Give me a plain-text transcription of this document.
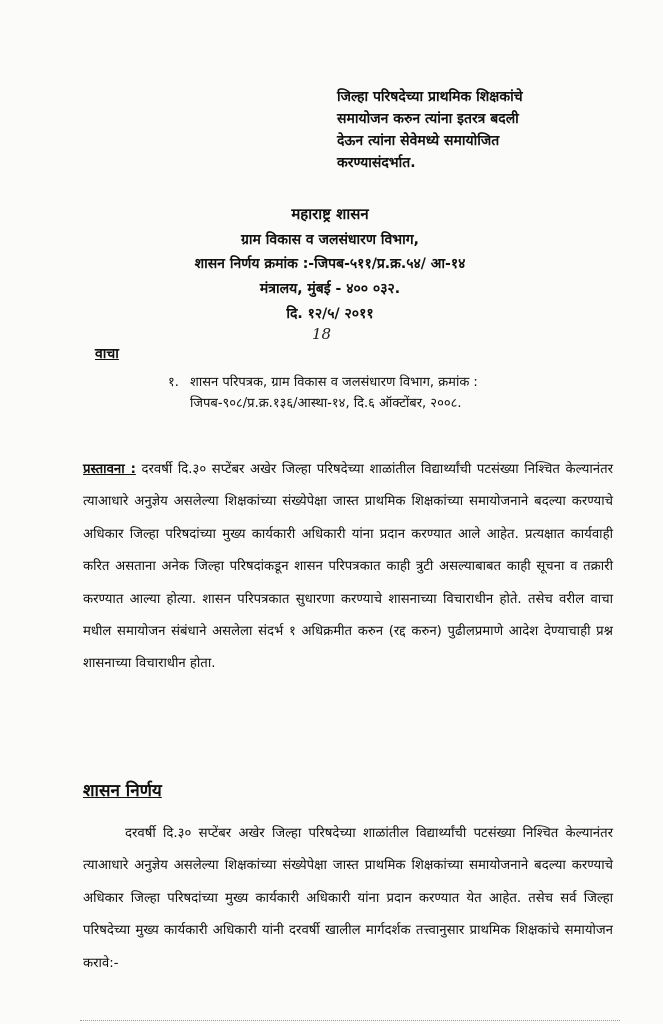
जिल्हा परिषदेच्या प्राथमिक शिक्षकांचे
समायोजन करुन त्यांना इतरत्र बदली
देऊन त्यांना सेवेमध्ये समायोजित
करण्यासंदर्भात.
महाराष्ट्र शासन
ग्राम विकास व जलसंधारण विभाग,
शासन निर्णय क्रमांक :-जिपब-५११/प्र.क्र.५४/ आ-१४
मंत्रालय, मुंबई - ४०० ०३२.
दि. १२/५/ २०११
18
वाचा
१. शासन परिपत्रक, ग्राम विकास व जलसंधारण विभाग, क्रमांक : जिपब-९०८/प्र.क्र.१३६/आस्था-१४, दि.६ ऑक्टोंबर, २००८.
प्रस्तावना : दरवर्षी दि.३० सप्टेंबर अखेर जिल्हा परिषदेच्या शाळांतील विद्यार्थ्यांची पटसंख्या निश्चित केल्यानंतर त्याआधारे अनुज्ञेय असलेल्या शिक्षकांच्या संख्येपेक्षा जास्त प्राथमिक शिक्षकांच्या समायोजनाने बदल्या करण्याचे अधिकार जिल्हा परिषदांच्या मुख्य कार्यकारी अधिकारी यांना प्रदान करण्यात आले आहेत. प्रत्यक्षात कार्यवाही करित असताना अनेक जिल्हा परिषदांकडून शासन परिपत्रकात काही त्रुटी असल्याबाबत काही सूचना व तक्रारी करण्यात आल्या होत्या. शासन परिपत्रकात सुधारणा करण्याचे शासनाच्या विचाराधीन होते. तसेच वरील वाचा मधील समायोजन संबंधाने असलेला संदर्भ १ अधिक्रमीत करुन (रद्द करुन) पुढीलप्रमाणे आदेश देण्याचाही प्रश्न शासनाच्या विचाराधीन होता.
शासन निर्णय
दरवर्षी दि.३० सप्टेंबर अखेर जिल्हा परिषदेच्या शाळांतील विद्यार्थ्यांची पटसंख्या निश्चित केल्यानंतर त्याआधारे अनुज्ञेय असलेल्या शिक्षकांच्या संख्येपेक्षा जास्त प्राथमिक शिक्षकांच्या समायोजनाने बदल्या करण्याचे अधिकार जिल्हा परिषदांच्या मुख्य कार्यकारी अधिकारी यांना प्रदान करण्यात येत आहेत. तसेच सर्व जिल्हा परिषदेच्या मुख्य कार्यकारी अधिकारी यांनी दरवर्षी खालील मार्गदर्शक तत्त्वानुसार प्राथमिक शिक्षकांचे समायोजन करावे:-
